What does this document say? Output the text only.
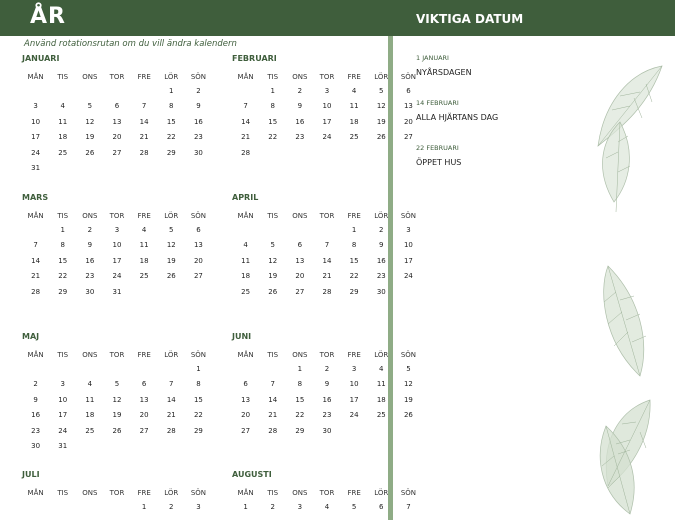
ÅR	VIKTIGA DATUM
Använd rotationsrutan om du vill ändra kalendern
JANUARI
MÅN	TIS	ONS	TOR	FRE	LÖR	SÖN
					1	2
3	4	5	6	7	8	9
10	11	12	13	14	15	16
17	18	19	20	21	22	23
24	25	26	27	28	29	30
31						
FEBRUARI
MÅN	TIS	ONS	TOR	FRE	LÖR	SÖN
	1	2	3	4	5	6
7	8	9	10	11	12	13
14	15	16	17	18	19	20
21	22	23	24	25	26	27
28						
MARS
MÅN	TIS	ONS	TOR	FRE	LÖR	SÖN
	1	2	3	4	5	6
7	8	9	10	11	12	13
14	15	16	17	18	19	20
21	22	23	24	25	26	27
28	29	30	31			
APRIL
MÅN	TIS	ONS	TOR	FRE	LÖR	SÖN
				1	2	3
4	5	6	7	8	9	10
11	12	13	14	15	16	17
18	19	20	21	22	23	24
25	26	27	28	29	30	
MAJ
MÅN	TIS	ONS	TOR	FRE	LÖR	SÖN
						1
2	3	4	5	6	7	8
9	10	11	12	13	14	15
16	17	18	19	20	21	22
23	24	25	26	27	28	29
30	31					
JUNI
MÅN	TIS	ONS	TOR	FRE	LÖR	SÖN
		1	2	3	4	5
6	7	8	9	10	11	12
13	14	15	16	17	18	19
20	21	22	23	24	25	26
27	28	29	30			
JULI
MÅN	TIS	ONS	TOR	FRE	LÖR	SÖN
				1	2	3
AUGUSTI
MÅN	TIS	ONS	TOR	FRE	LÖR	SÖN
1	2	3	4	5	6	7
1 JANUARI
NYÅRSDAGEN
14 FEBRUARI
ALLA HJÄRTANS DAG
22 FEBRUARI
ÖPPET HUS
